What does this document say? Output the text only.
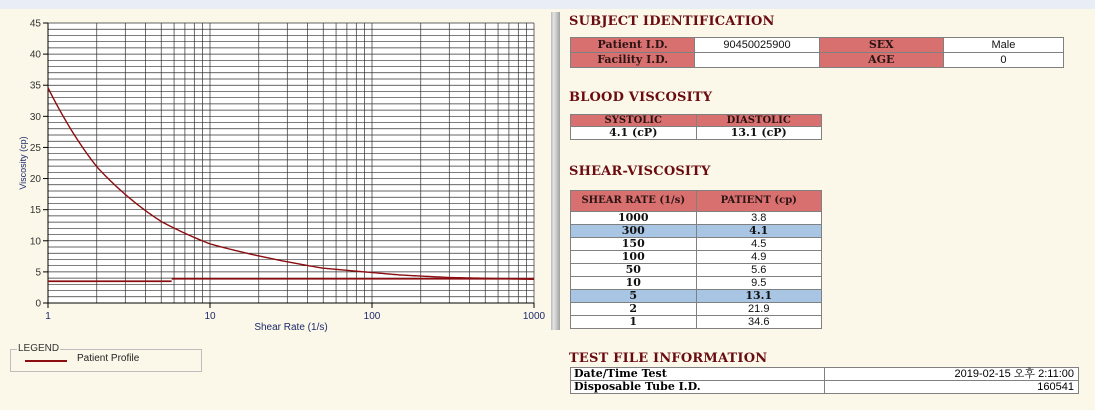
0
5
10
15
20
25
30
35
40
45
1	10	100	1000
Shear Rate (1/s)
Viscosity (cp)
LEGEND
Patient Profile
SUBJECT IDENTIFICATION
Patient I.D.	90450025900	SEX	Male
Facility I.D.		AGE	0
BLOOD VISCOSITY
SYSTOLIC	DIASTOLIC
4.1 (cP)	13.1 (cP)
SHEAR-VISCOSITY
SHEAR RATE (1/s)	PATIENT (cp)
1000	3.8
300	4.1
150	4.5
100	4.9
50	5.6
10	9.5
5	13.1
2	21.9
1	34.6
TEST FILE INFORMATION
Date/Time Test	2019-02-15 오후 2:11:00
Disposable Tube I.D.	160541
